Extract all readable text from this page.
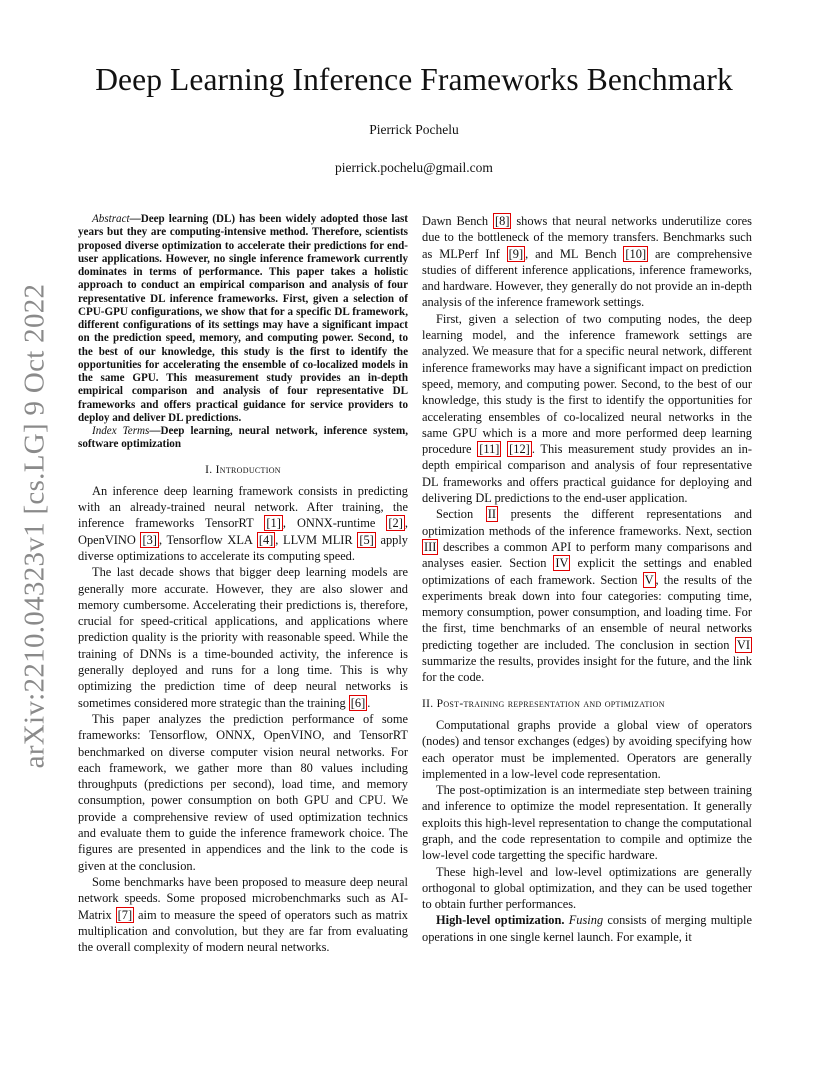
arXiv:2210.04323v1 [cs.LG] 9 Oct 2022
Deep Learning Inference Frameworks Benchmark
Pierrick Pochelu
pierrick.pochelu@gmail.com

Abstract—Deep learning (DL) has been widely adopted those last years but they are computing-intensive method. Therefore, scientists proposed diverse optimization to accelerate their predictions for end-user applications. However, no single inference framework currently dominates in terms of performance. This paper takes a holistic approach to conduct an empirical comparison and analysis of four representative DL inference frameworks. First, given a selection of CPU-GPU configurations, we show that for a specific DL framework, different configurations of its settings may have a significant impact on the prediction speed, memory, and computing power. Second, to the best of our knowledge, this study is the first to identify the opportunities for accelerating the ensemble of co-localized models in the same GPU. This measurement study provides an in-depth empirical comparison and analysis of four representative DL frameworks and offers practical guidance for service providers to deploy and deliver DL predictions.

Index Terms—Deep learning, neural network, inference system, software optimization

I. Introduction

An inference deep learning framework consists in predicting with an already-trained neural network. After training, the inference frameworks TensorRT [1] , ONNX-runtime [2] , OpenVINO [3] , Tensorflow XLA [4] , LLVM MLIR [5] apply diverse optimizations to accelerate its computing speed.

The last decade shows that bigger deep learning models are generally more accurate. However, they are also slower and memory cumbersome. Accelerating their predictions is, therefore, crucial for speed-critical applications, and applications where prediction quality is the priority with reasonable speed. While the training of DNNs is a time-bounded activity, the inference is generally deployed and runs for a long time. This is why optimizing the prediction time of deep neural networks is sometimes considered more strategic than the training [6] .

This paper analyzes the prediction performance of some frameworks: Tensorflow, ONNX, OpenVINO, and TensorRT benchmarked on diverse computer vision neural networks. For each framework, we gather more than 80 values including throughputs (predictions per second), load time, and memory consumption, power consumption on both GPU and CPU. We provide a comprehensive review of used optimization technics and evaluate them to guide the inference framework choice. The figures are presented in appendices and the link to the code is given at the conclusion.

Some benchmarks have been proposed to measure deep neural network speeds. Some proposed microbenchmarks such as AI-Matrix [7] aim to measure the speed of operators such as matrix multiplication and convolution, but they are far from evaluating the overall complexity of modern neural networks.

Dawn Bench [8] shows that neural networks underutilize cores due to the bottleneck of the memory transfers. Benchmarks such as MLPerf Inf [9] , and ML Bench [10] are comprehensive studies of different inference applications, inference frameworks, and hardware. However, they generally do not provide an in-depth analysis of the inference framework settings.

First, given a selection of two computing nodes, the deep learning model, and the inference framework settings are analyzed. We measure that for a specific neural network, different inference frameworks may have a significant impact on prediction speed, memory, and computing power. Second, to the best of our knowledge, this study is the first to identify the opportunities for accelerating ensembles of co-localized neural networks in the same GPU which is a more and more performed deep learning procedure [11] [12] . This measurement study provides an in-depth empirical comparison and analysis of four representative DL frameworks and offers practical guidance for deploying and delivering DL predictions to the end-user application.

Section II presents the different representations and optimization methods of the inference frameworks. Next, section III describes a common API to perform many comparisons and analyses easier. Section IV explicit the settings and enabled optimizations of each framework. Section V , the results of the experiments break down into four categories: computing time, memory consumption, power consumption, and loading time. For the first, time benchmarks of an ensemble of neural networks predicting together are included. The conclusion in section VI summarize the results, provides insight for the future, and the link for the code.

II. Post-training representation and optimization

Computational graphs provide a global view of operators (nodes) and tensor exchanges (edges) by avoiding specifying how each operator must be implemented. Operators are generally implemented in a low-level code representation.

The post-optimization is an intermediate step between training and inference to optimize the model representation. It generally exploits this high-level representation to change the computational graph, and the code representation to compile and optimize the low-level code targetting the specific hardware.

These high-level and low-level optimizations are generally orthogonal to global optimization, and they can be used together to obtain further performances.

High-level optimization. Fusing consists of merging multiple operations in one single kernel launch. For example, it
